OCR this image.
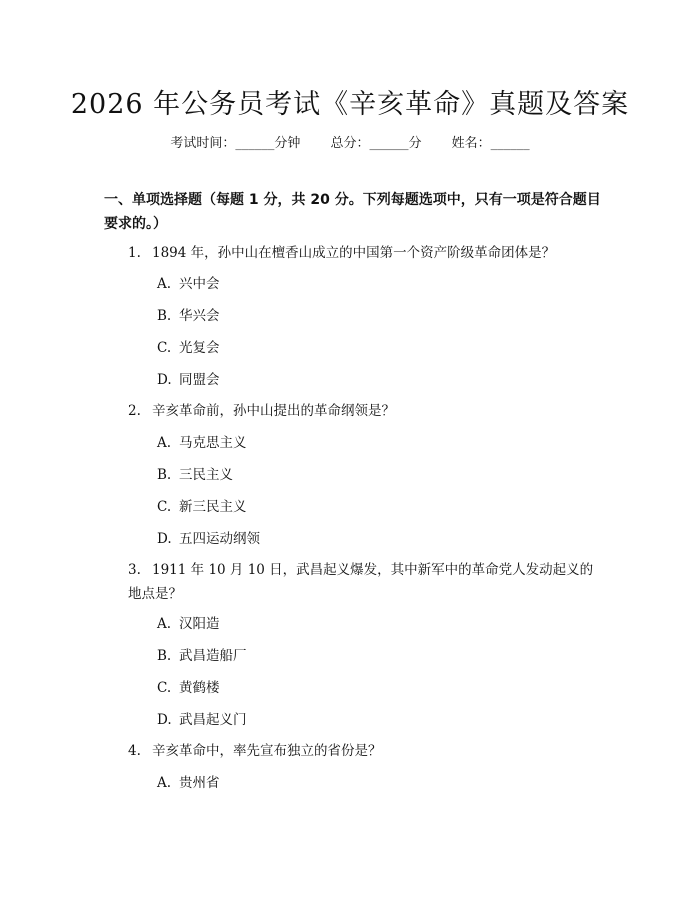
2026 年公务员考试《辛亥革命》真题及答案
考试时间：______分钟 总分：______分 姓名：______
一、单项选择题（每题 1 分，共 20 分。下列每题选项中，只有一项是符合题目要求的。）
1. 1894 年，孙中山在檀香山成立的中国第一个资产阶级革命团体是？
A. 兴中会
B. 华兴会
C. 光复会
D. 同盟会
2. 辛亥革命前，孙中山提出的革命纲领是？
A. 马克思主义
B. 三民主义
C. 新三民主义
D. 五四运动纲领
3. 1911 年 10 月 10 日，武昌起义爆发，其中新军中的革命党人发动起义的地点是？
A. 汉阳造
B. 武昌造船厂
C. 黄鹤楼
D. 武昌起义门
4. 辛亥革命中，率先宣布独立的省份是？
A. 贵州省
